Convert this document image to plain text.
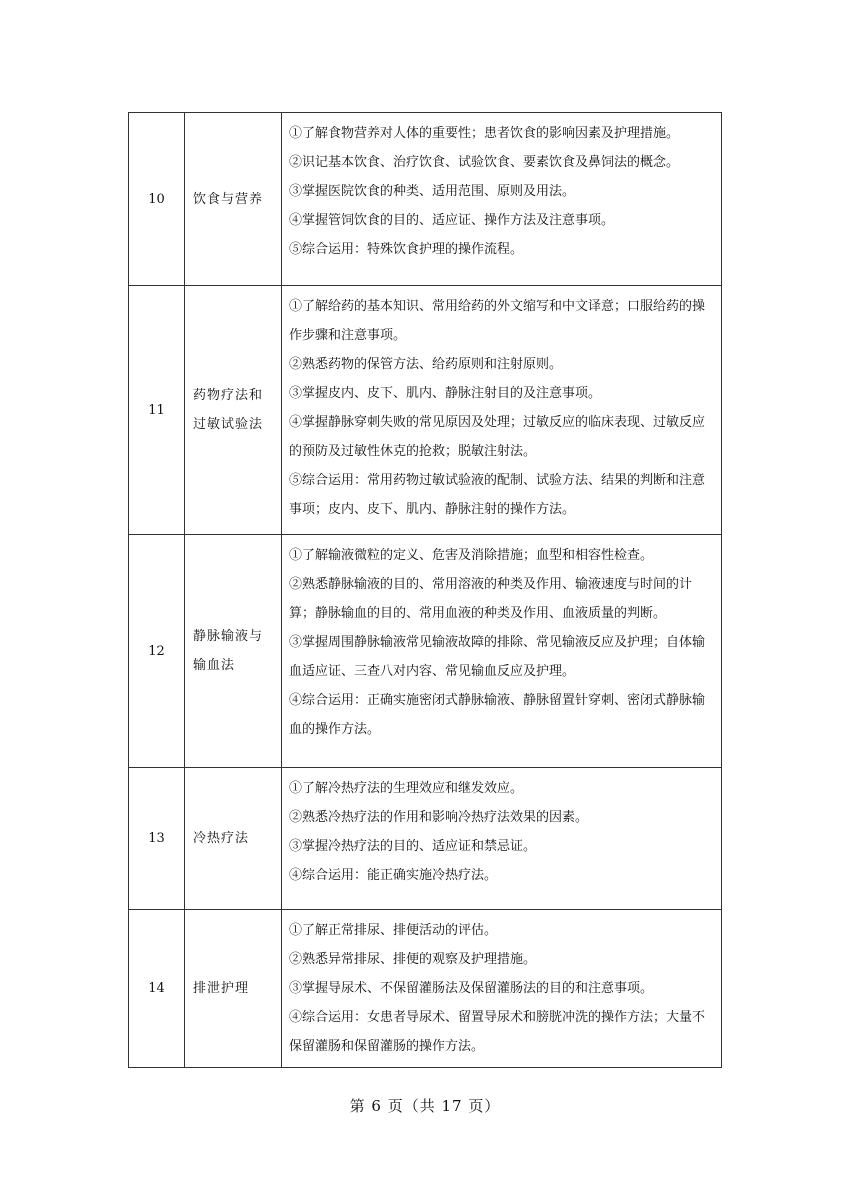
10	饮食与营养	①了解食物营养对人体的重要性；患者饮食的影响因素及护理措施。
②识记基本饮食、治疗饮食、试验饮食、要素饮食及鼻饲法的概念。
③掌握医院饮食的种类、适用范围、原则及用法。
④掌握管饲饮食的目的、适应证、操作方法及注意事项。
⑤综合运用：特殊饮食护理的操作流程。

11	药物疗法和过敏试验法	①了解给药的基本知识、常用给药的外文缩写和中文译意；口服给药的操作步骤和注意事项。
②熟悉药物的保管方法、给药原则和注射原则。
③掌握皮内、皮下、肌内、静脉注射目的及注意事项。
④掌握静脉穿刺失败的常见原因及处理；过敏反应的临床表现、过敏反应的预防及过敏性休克的抢救；脱敏注射法。
⑤综合运用：常用药物过敏试验液的配制、试验方法、结果的判断和注意事项；皮内、皮下、肌内、静脉注射的操作方法。

12	静脉输液与输血法	①了解输液微粒的定义、危害及消除措施；血型和相容性检查。
②熟悉静脉输液的目的、常用溶液的种类及作用、输液速度与时间的计算；静脉输血的目的、常用血液的种类及作用、血液质量的判断。
③掌握周围静脉输液常见输液故障的排除、常见输液反应及护理；自体输血适应证、三查八对内容、常见输血反应及护理。
④综合运用：正确实施密闭式静脉输液、静脉留置针穿刺、密闭式静脉输血的操作方法。

13	冷热疗法	①了解冷热疗法的生理效应和继发效应。
②熟悉冷热疗法的作用和影响冷热疗法效果的因素。
③掌握冷热疗法的目的、适应证和禁忌证。
④综合运用：能正确实施冷热疗法。

14	排泄护理	①了解正常排尿、排便活动的评估。
②熟悉异常排尿、排便的观察及护理措施。
③掌握导尿术、不保留灌肠法及保留灌肠法的目的和注意事项。
④综合运用：女患者导尿术、留置导尿术和膀胱冲洗的操作方法；大量不保留灌肠和保留灌肠的操作方法。
第 6 页（共 17 页）
